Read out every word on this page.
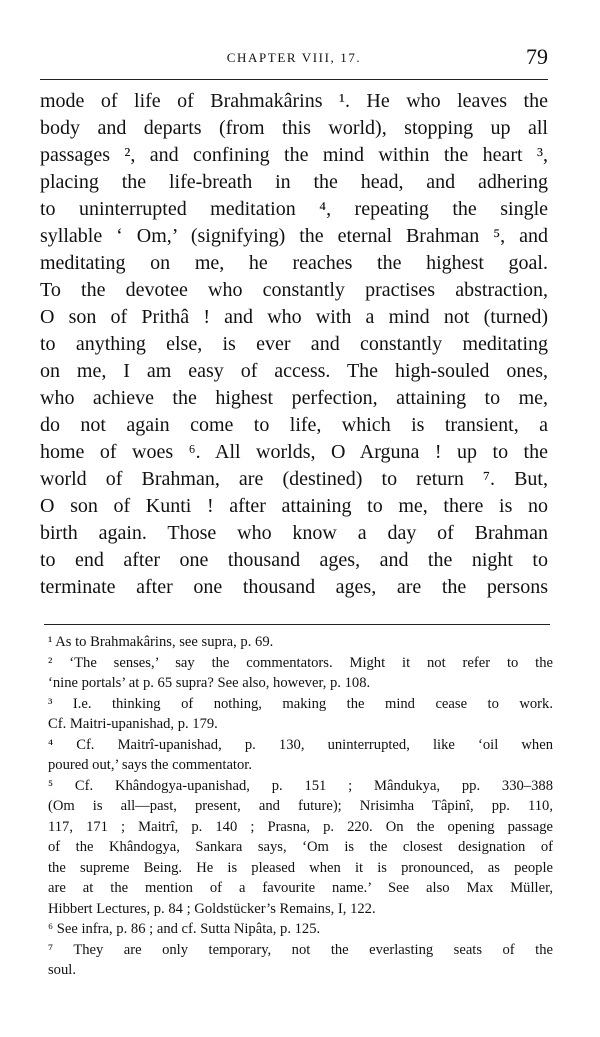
CHAPTER VIII, 17.	79
mode of life of Brahmakârins ¹. He who leaves the
body and departs (from this world), stopping up all
passages ², and confining the mind within the heart ³,
placing the life-breath in the head, and adhering
to uninterrupted meditation ⁴, repeating the single
syllable ‘ Om,’ (signifying) the eternal Brahman ⁵, and
meditating on me, he reaches the highest goal.
To the devotee who constantly practises abstraction,
O son of Prithâ ! and who with a mind not (turned)
to anything else, is ever and constantly meditating
on me, I am easy of access. The high-souled ones,
who achieve the highest perfection, attaining to me,
do not again come to life, which is transient, a
home of woes ⁶. All worlds, O Arguna ! up to the
world of Brahman, are (destined) to return ⁷. But,
O son of Kunti ! after attaining to me, there is no
birth again. Those who know a day of Brahman
to end after one thousand ages, and the night to
terminate after one thousand ages, are the persons
¹ As to Brahmakârins, see supra, p. 69.
² ‘The senses,’ say the commentators. Might it not refer to the
‘nine portals’ at p. 65 supra? See also, however, p. 108.
³ I.e. thinking of nothing, making the mind cease to work.
Cf. Maitri-upanishad, p. 179.
⁴ Cf. Maitrî-upanishad, p. 130, uninterrupted, like ‘oil when
poured out,’ says the commentator.
⁵ Cf. Khândogya-upanishad, p. 151 ; Mândukya, pp. 330–388
(Om is all—past, present, and future); Nrisimha Tâpinî, pp. 110,
117, 171 ; Maitrî, p. 140 ; Prasna, p. 220. On the opening passage
of the Khândogya, Sankara says, ‘Om is the closest designation of
the supreme Being. He is pleased when it is pronounced, as people
are at the mention of a favourite name.’ See also Max Müller,
Hibbert Lectures, p. 84 ; Goldstücker’s Remains, I, 122.
⁶ See infra, p. 86 ; and cf. Sutta Nipâta, p. 125.
⁷ They are only temporary, not the everlasting seats of the
soul.
